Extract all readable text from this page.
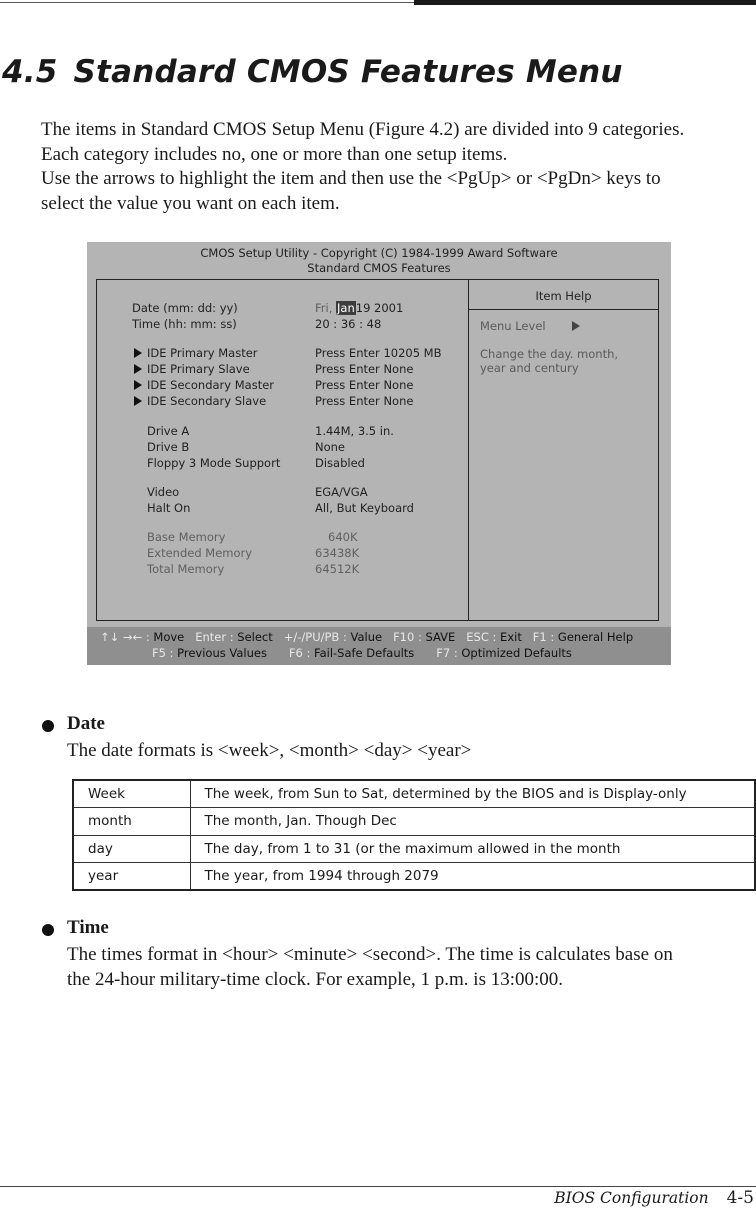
4.5 Standard CMOS Features Menu
The items in Standard CMOS Setup Menu (Figure 4.2) are divided into 9 categories.
Each category includes no, one or more than one setup items.
Use the arrows to highlight the item and then use the <PgUp> or <PgDn> keys to
select the value you want on each item.
CMOS Setup Utility - Copyright (C) 1984-1999 Award Software
Standard CMOS Features
Item Help
Menu Level
Change the day. month,
year and century
Date (mm: dd: yy)	Fri, Jan19 2001
Time (hh: mm: ss)	20 : 36 : 48
IDE Primary Master	Press Enter 10205 MB
IDE Primary Slave	Press Enter None
IDE Secondary Master	Press Enter None
IDE Secondary Slave	Press Enter None
Drive A	1.44M, 3.5 in.
Drive B	None
Floppy 3 Mode Support	Disabled
Video	EGA/VGA
Halt On	All, But Keyboard
Base Memory	640K
Extended Memory	63438K
Total Memory	64512K
↑↓ →← : Move Enter : Select +/-/PU/PB : Value F10 : SAVE ESC : Exit F1 : General Help
F5 : Previous Values F6 : Fail-Safe Defaults F7 : Optimized Defaults
Date
The date formats is <week>, <month> <day> <year>
Week	The week, from Sun to Sat, determined by the BIOS and is Display-only
month	The month, Jan. Though Dec
day	The day, from 1 to 31 (or the maximum allowed in the month
year	The year, from 1994 through 2079
Time
The times format in <hour> <minute> <second>. The time is calculates base on
the 24-hour military-time clock. For example, 1 p.m. is 13:00:00.
BIOS Configuration 4-5
